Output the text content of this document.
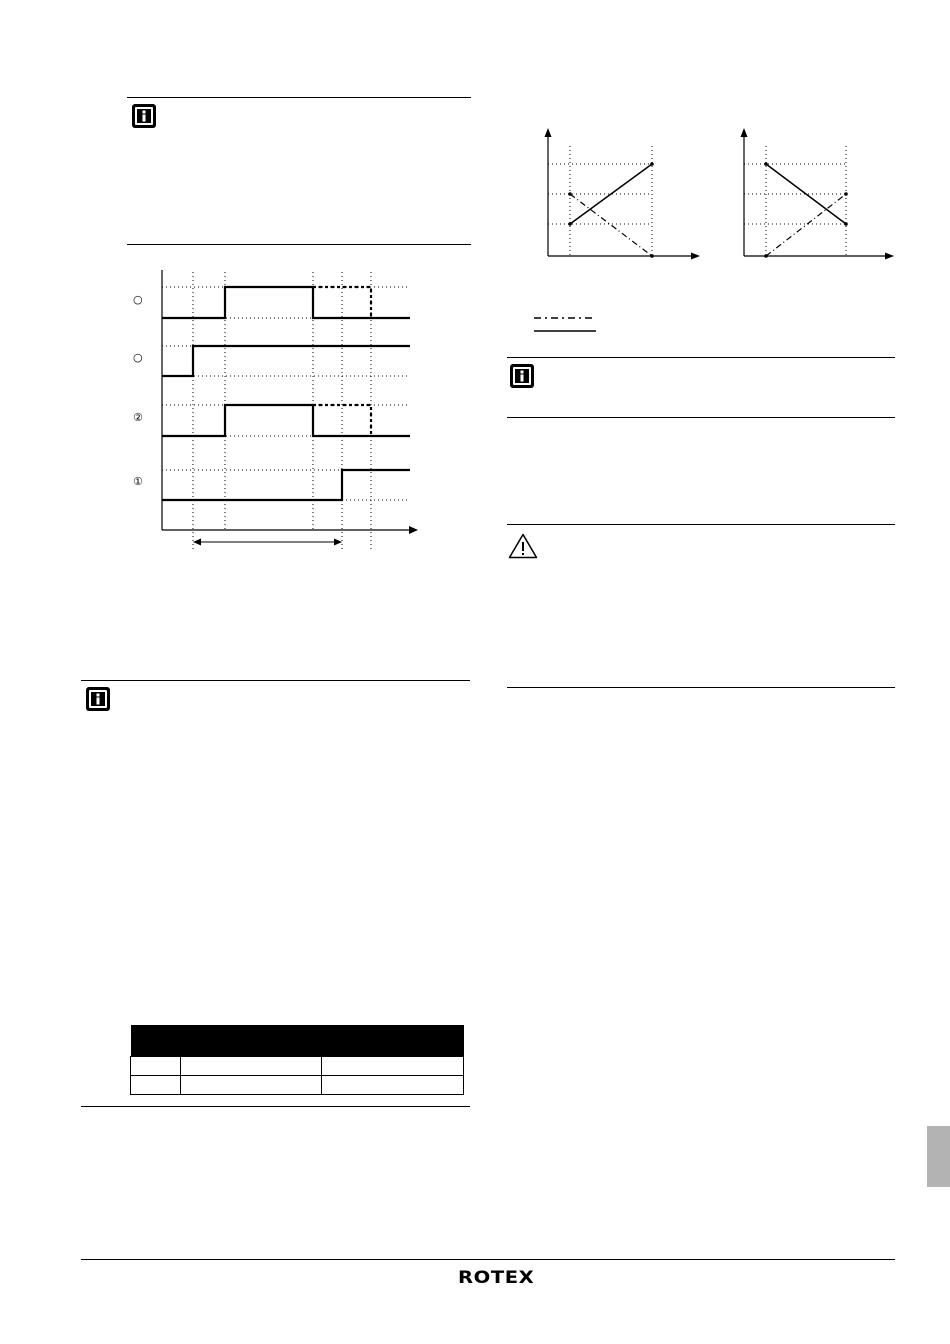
○
○
②
①

ROTEX
